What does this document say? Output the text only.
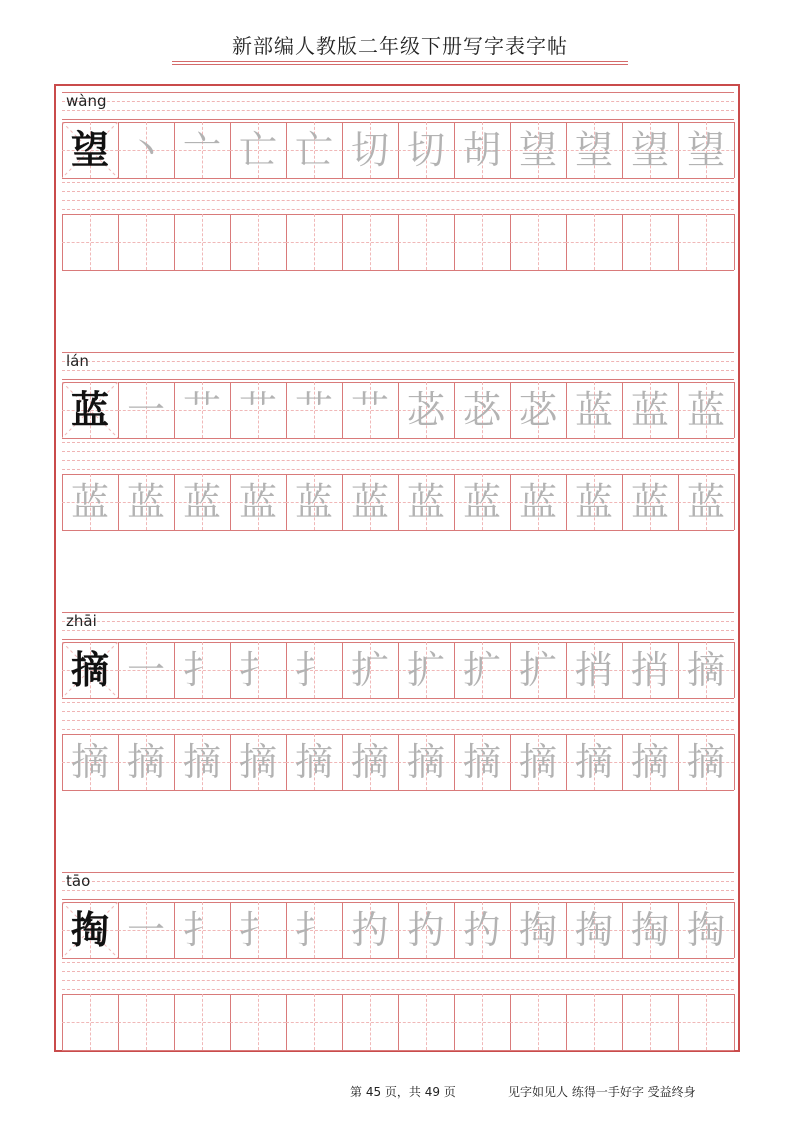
新部编人教版二年级下册写字表字帖
wàng
望 丶 亠 亡 亡 切 切 胡 望 望 望 望
lán
蓝 一 艹 艹 艹 艹 苾 苾 苾 蓝 蓝 蓝
蓝 蓝 蓝 蓝 蓝 蓝 蓝 蓝 蓝 蓝 蓝 蓝
zhāi
摘 一 扌 扌 扌 扩 扩 扩 扩 捎 捎 摘
摘 摘 摘 摘 摘 摘 摘 摘 摘 摘 摘 摘
tāo
掏 一 扌 扌 扌 扚 扚 扚 掏 掏 掏 掏
第 45 页，共 49 页	见字如见人 练得一手好字 受益终身
